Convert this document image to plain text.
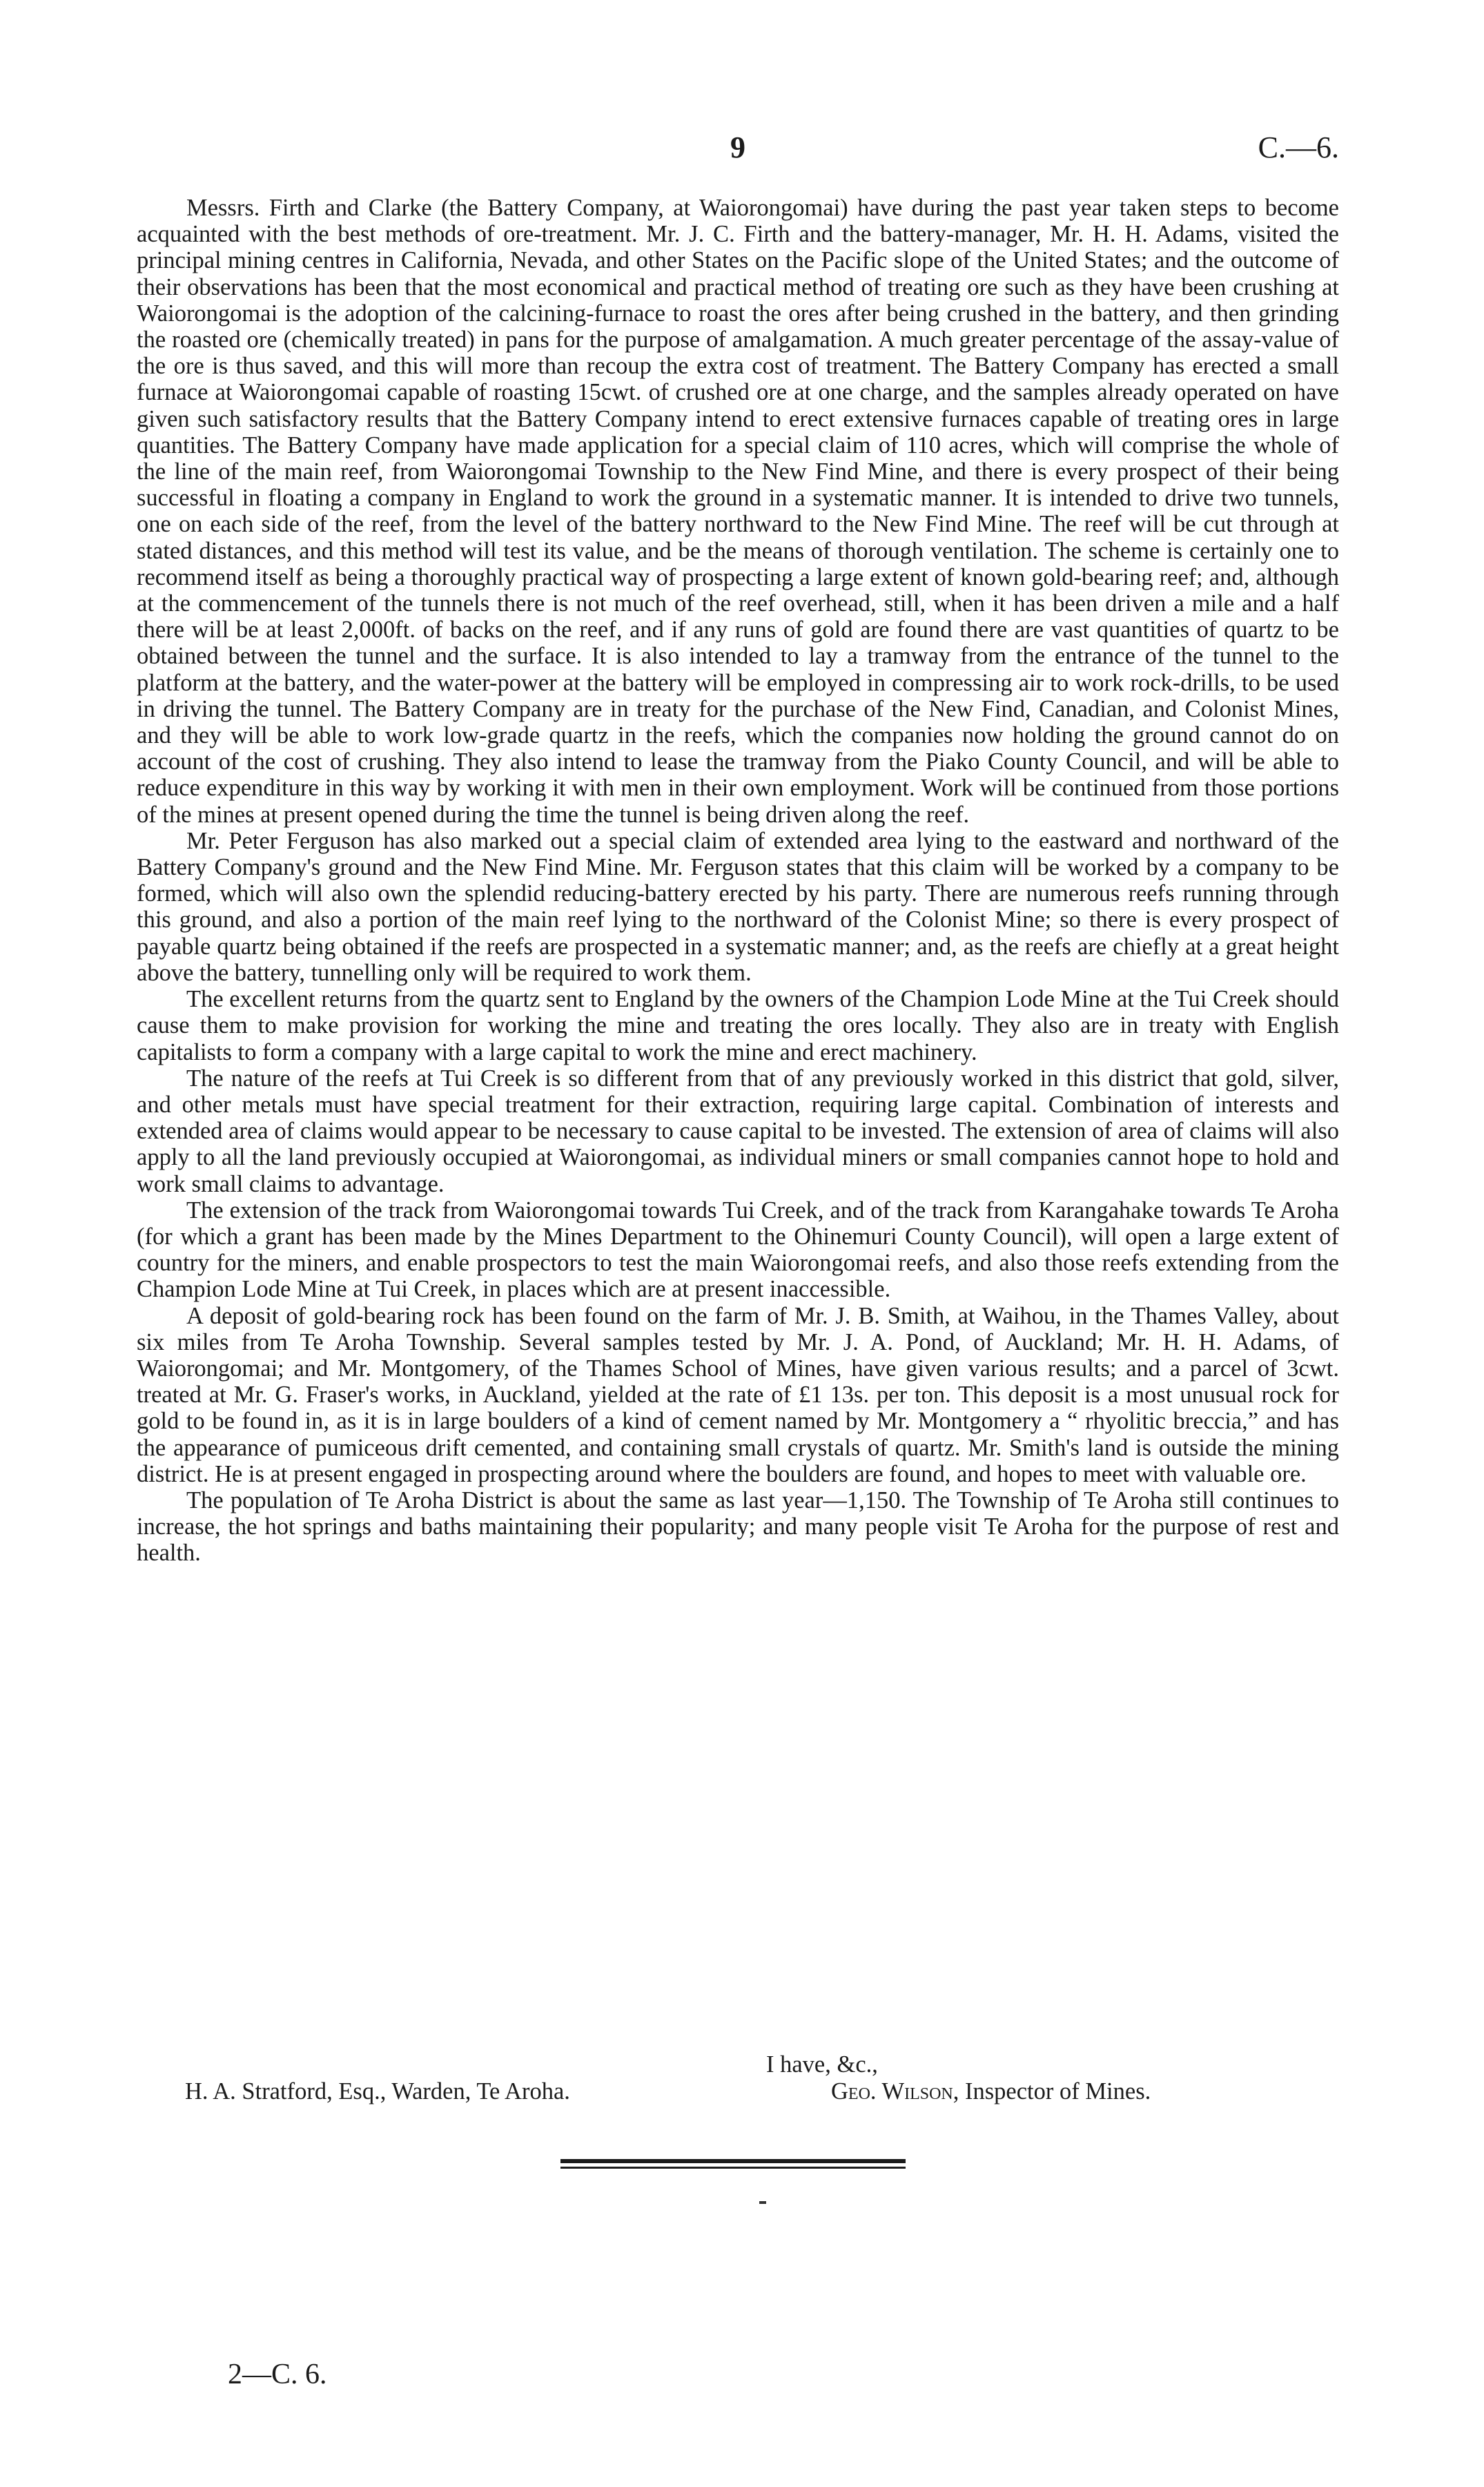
9	C.—6.

Messrs. Firth and Clarke (the Battery Company, at Waiorongomai) have during the past year taken steps to become acquainted with the best methods of ore-treatment. Mr. J. C. Firth and the battery-manager, Mr. H. H. Adams, visited the principal mining centres in California, Nevada, and other States on the Pacific slope of the United States; and the outcome of their observations has been that the most economical and practical method of treating ore such as they have been crushing at Waiorongomai is the adoption of the calcining-furnace to roast the ores after being crushed in the battery, and then grinding the roasted ore (chemically treated) in pans for the purpose of amalgamation. A much greater percentage of the assay-value of the ore is thus saved, and this will more than recoup the extra cost of treatment. The Battery Company has erected a small furnace at Waiorongomai capable of roasting 15cwt. of crushed ore at one charge, and the samples already operated on have given such satisfactory results that the Battery Company intend to erect extensive furnaces capable of treating ores in large quantities. The Battery Company have made application for a special claim of 110 acres, which will comprise the whole of the line of the main reef, from Waiorongomai Township to the New Find Mine, and there is every prospect of their being successful in floating a company in England to work the ground in a systematic manner. It is intended to drive two tunnels, one on each side of the reef, from the level of the battery northward to the New Find Mine. The reef will be cut through at stated distances, and this method will test its value, and be the means of thorough ventilation. The scheme is certainly one to recommend itself as being a thoroughly practical way of prospecting a large extent of known gold-bearing reef; and, although at the commencement of the tunnels there is not much of the reef overhead, still, when it has been driven a mile and a half there will be at least 2,000ft. of backs on the reef, and if any runs of gold are found there are vast quantities of quartz to be obtained between the tunnel and the surface. It is also intended to lay a tramway from the entrance of the tunnel to the platform at the battery, and the water-power at the battery will be employed in compressing air to work rock-drills, to be used in driving the tunnel. The Battery Company are in treaty for the purchase of the New Find, Canadian, and Colonist Mines, and they will be able to work low-grade quartz in the reefs, which the companies now holding the ground cannot do on account of the cost of crushing. They also intend to lease the tramway from the Piako County Council, and will be able to reduce expenditure in this way by working it with men in their own employment. Work will be continued from those portions of the mines at present opened during the time the tunnel is being driven along the reef.

Mr. Peter Ferguson has also marked out a special claim of extended area lying to the eastward and northward of the Battery Company's ground and the New Find Mine. Mr. Ferguson states that this claim will be worked by a company to be formed, which will also own the splendid reducing-battery erected by his party. There are numerous reefs running through this ground, and also a portion of the main reef lying to the northward of the Colonist Mine; so there is every prospect of payable quartz being obtained if the reefs are prospected in a systematic manner; and, as the reefs are chiefly at a great height above the battery, tunnelling only will be required to work them.

The excellent returns from the quartz sent to England by the owners of the Champion Lode Mine at the Tui Creek should cause them to make provision for working the mine and treating the ores locally. They also are in treaty with English capitalists to form a company with a large capital to work the mine and erect machinery.

The nature of the reefs at Tui Creek is so different from that of any previously worked in this district that gold, silver, and other metals must have special treatment for their extraction, requiring large capital. Combination of interests and extended area of claims would appear to be necessary to cause capital to be invested. The extension of area of claims will also apply to all the land previously occupied at Waiorongomai, as individual miners or small companies cannot hope to hold and work small claims to advantage.

The extension of the track from Waiorongomai towards Tui Creek, and of the track from Karangahake towards Te Aroha (for which a grant has been made by the Mines Department to the Ohinemuri County Council), will open a large extent of country for the miners, and enable prospectors to test the main Waiorongomai reefs, and also those reefs extending from the Champion Lode Mine at Tui Creek, in places which are at present inaccessible.

A deposit of gold-bearing rock has been found on the farm of Mr. J. B. Smith, at Waihou, in the Thames Valley, about six miles from Te Aroha Township. Several samples tested by Mr. J. A. Pond, of Auckland; Mr. H. H. Adams, of Waiorongomai; and Mr. Montgomery, of the Thames School of Mines, have given various results; and a parcel of 3cwt. treated at Mr. G. Fraser's works, in Auckland, yielded at the rate of £1 13s. per ton. This deposit is a most unusual rock for gold to be found in, as it is in large boulders of a kind of cement named by Mr. Montgomery a “ rhyolitic breccia,” and has the appearance of pumiceous drift cemented, and containing small crystals of quartz. Mr. Smith's land is outside the mining district. He is at present engaged in prospecting around where the boulders are found, and hopes to meet with valuable ore.

The population of Te Aroha District is about the same as last year—1,150. The Township of Te Aroha still continues to increase, the hot springs and baths maintaining their popularity; and many people visit Te Aroha for the purpose of rest and health.

I have, &c.,
H. A. Stratford, Esq., Warden, Te Aroha.	Geo. Wilson, Inspector of Mines.
2—C. 6.
